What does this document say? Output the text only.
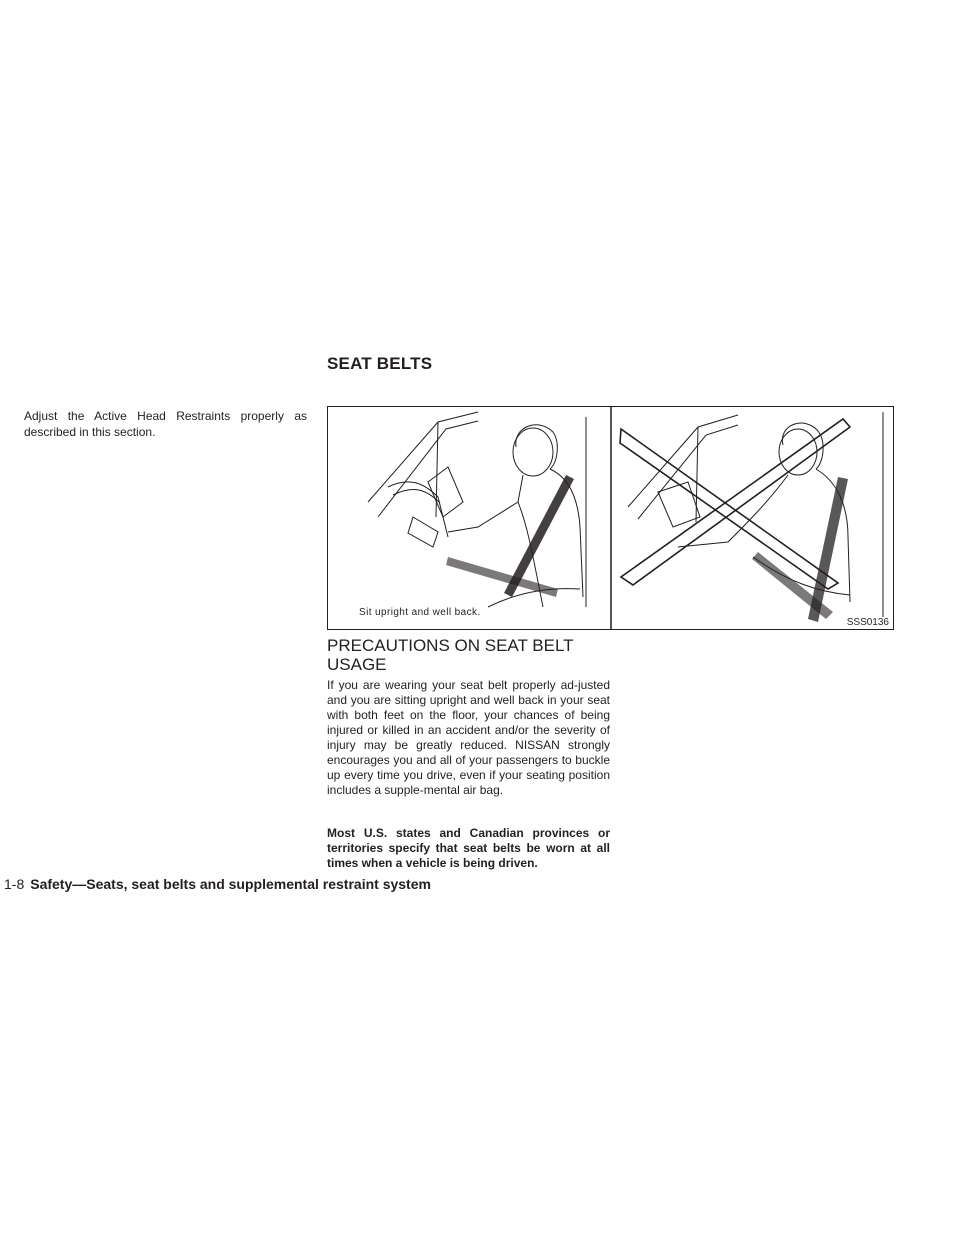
SEAT BELTS

Adjust the Active Head Restraints properly as described in this section.

Sit upright and well back.
SSS0136
PRECAUTIONS ON SEAT BELT USAGE

If you are wearing your seat belt properly ad-justed and you are sitting upright and well back in your seat with both feet on the floor, your chances of being injured or killed in an accident and/or the severity of injury may be greatly reduced. NISSAN strongly encourages you and all of your passengers to buckle up every time you drive, even if your seating position includes a supple-mental air bag.

Most U.S. states and Canadian provinces or territories specify that seat belts be worn at all times when a vehicle is being driven.

1-8 Safety—Seats, seat belts and supplemental restraint system
